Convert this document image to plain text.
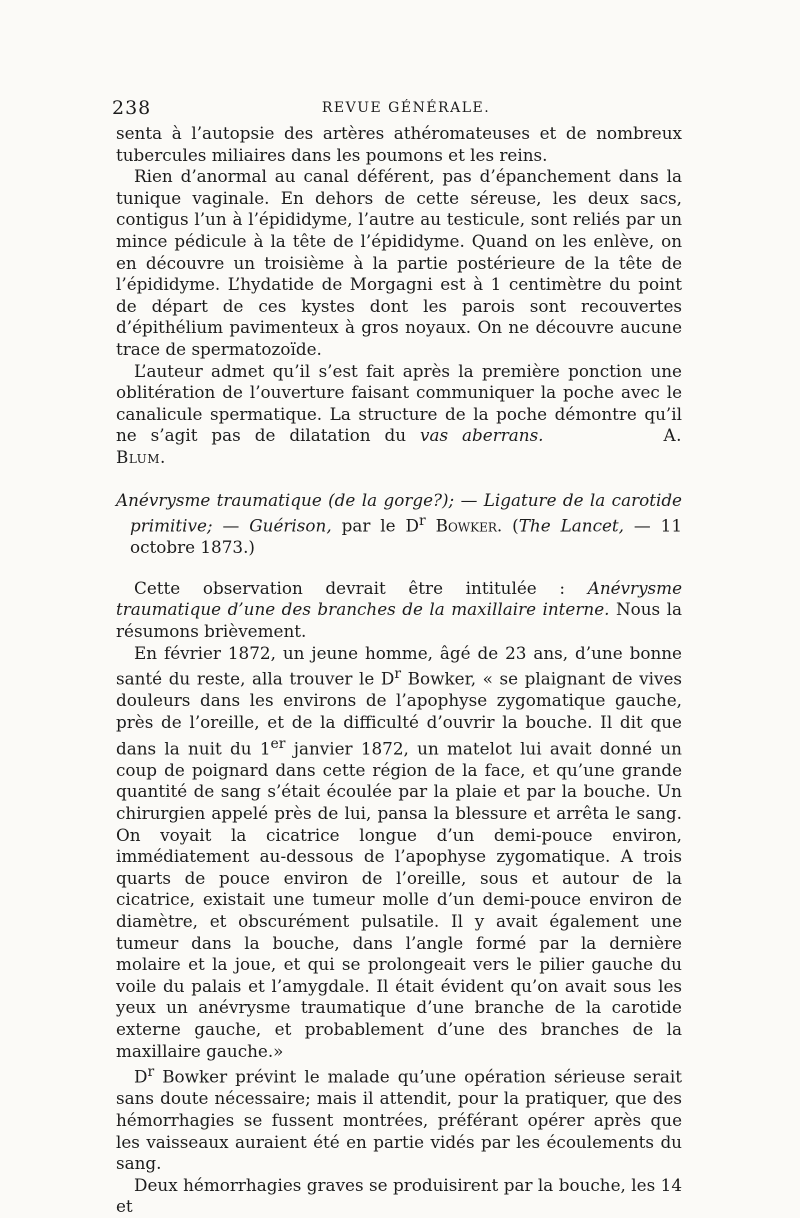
238	REVUE GÉNÉRALE.

senta à l’autopsie des artères athéromateuses et de nombreux tubercules miliaires dans les poumons et les reins.

Rien d’anormal au canal déférent, pas d’épanchement dans la tunique vaginale. En dehors de cette séreuse, les deux sacs, contigus l’un à l’épididyme, l’autre au testicule, sont reliés par un mince pédicule à la tête de l’épididyme. Quand on les enlève, on en découvre un troisième à la partie postérieure de la tête de l’épididyme. L’hydatide de Morgagni est à 1 centimètre du point de départ de ces kystes dont les parois sont recouvertes d’épithélium pavimenteux à gros noyaux. On ne découvre aucune trace de spermatozoïde.

L’auteur admet qu’il s’est fait après la première ponction une oblitération de l’ouverture faisant communiquer la poche avec le canalicule spermatique. La structure de la poche démontre qu’il ne s’agit pas de dilatation du vas aberrans.	A. Blum.

Anévrysme traumatique (de la gorge?); — Ligature de la carotide primitive; — Guérison, par le $D^r$ Bowker. (The Lancet, — 11 octobre 1873.)

Cette observation devrait être intitulée : Anévrysme traumatique d’une des branches de la maxillaire interne. Nous la résumons brièvement.

En février 1872, un jeune homme, âgé de 23 ans, d’une bonne santé du reste, alla trouver le $D^r$ Bowker, « se plaignant de vives douleurs dans les environs de l’apophyse zygomatique gauche, près de l’oreille, et de la difficulté d’ouvrir la bouche. Il dit que dans la nuit du 1er janvier 1872, un matelot lui avait donné un coup de poignard dans cette région de la face, et qu’une grande quantité de sang s’était écoulée par la plaie et par la bouche. Un chirurgien appelé près de lui, pansa la blessure et arrêta le sang. On voyait la cicatrice longue d’un demi-pouce environ, immédiatement au-dessous de l’apophyse zygomatique. A trois quarts de pouce environ de l’oreille, sous et autour de la cicatrice, existait une tumeur molle d’un demi-pouce environ de diamètre, et obscurément pulsatile. Il y avait également une tumeur dans la bouche, dans l’angle formé par la dernière molaire et la joue, et qui se prolongeait vers le pilier gauche du voile du palais et l’amygdale. Il était évident qu’on avait sous les yeux un anévrysme traumatique d’une branche de la carotide externe gauche, et probablement d’une des branches de la maxillaire gauche.»

$D^r$ Bowker prévint le malade qu’une opération sérieuse serait sans doute nécessaire; mais il attendit, pour la pratiquer, que des hémorrhagies se fussent montrées, préférant opérer après que les vaisseaux auraient été en partie vidés par les écoulements du sang.

Deux hémorrhagies graves se produisirent par la bouche, les 14 et
